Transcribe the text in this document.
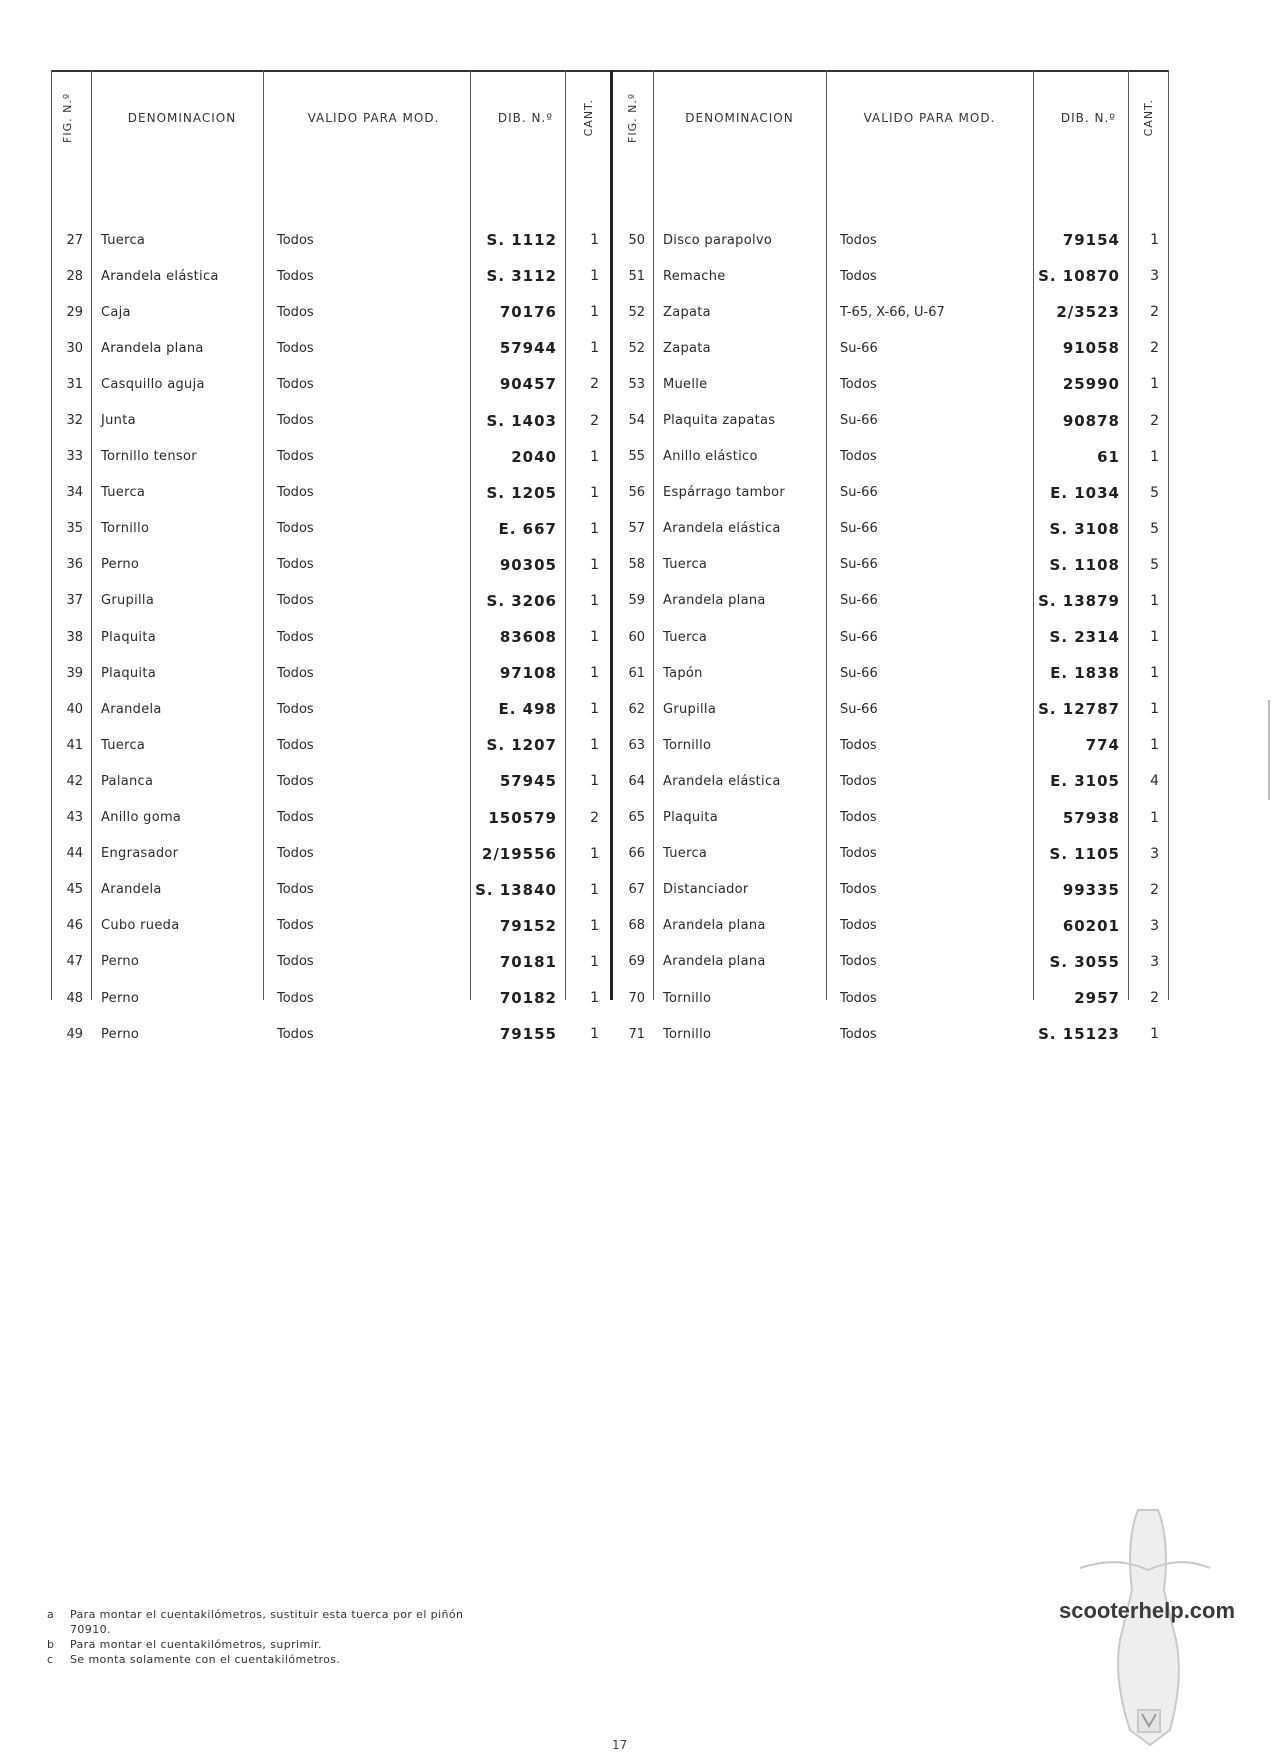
FIG. N.º	DENOMINACION	VALIDO PARA MOD.	DIB. N.º	CANT.	FIG. N.º	DENOMINACION	VALIDO PARA MOD.	DIB. N.º	CANT.
27	Tuerca	Todos	S. 1112	1	50	Disco parapolvo	Todos	79154	1
28	Arandela elástica	Todos	S. 3112	1	51	Remache	Todos	S. 10870	3
29	Caja	Todos	70176	1	52	Zapata	T-65, X-66, U-67	2/3523	2
30	Arandela plana	Todos	57944	1	52	Zapata	Su-66	91058	2
31	Casquillo aguja	Todos	90457	2	53	Muelle	Todos	25990	1
32	Junta	Todos	S. 1403	2	54	Plaquita zapatas	Su-66	90878	2
33	Tornillo tensor	Todos	2040	1	55	Anillo elástico	Todos	61	1
34	Tuerca	Todos	S. 1205	1	56	Espárrago tambor	Su-66	E. 1034	5
35	Tornillo	Todos	E. 667	1	57	Arandela elástica	Su-66	S. 3108	5
36	Perno	Todos	90305	1	58	Tuerca	Su-66	S. 1108	5
37	Grupilla	Todos	S. 3206	1	59	Arandela plana	Su-66	S. 13879	1
38	Plaquita	Todos	83608	1	60	Tuerca	Su-66	S. 2314	1
39	Plaquita	Todos	97108	1	61	Tapón	Su-66	E. 1838	1
40	Arandela	Todos	E. 498	1	62	Grupilla	Su-66	S. 12787	1
41	Tuerca	Todos	S. 1207	1	63	Tornillo	Todos	774	1
42	Palanca	Todos	57945	1	64	Arandela elástica	Todos	E. 3105	4
43	Anillo goma	Todos	150579	2	65	Plaquita	Todos	57938	1
44	Engrasador	Todos	2/19556	1	66	Tuerca	Todos	S. 1105	3
45	Arandela	Todos	S. 13840	1	67	Distanciador	Todos	99335	2
46	Cubo rueda	Todos	79152	1	68	Arandela plana	Todos	60201	3
47	Perno	Todos	70181	1	69	Arandela plana	Todos	S. 3055	3
48	Perno	Todos	70182	1	70	Tornillo	Todos	2957	2
49	Perno	Todos	79155	1	71	Tornillo	Todos	S. 15123	1
a	Para montar el cuentakilómetros, sustituir esta tuerca por el piñón
70910.
b	Para montar el cuentakilómetros, suprimir.
c	Se monta solamente con el cuentakilómetros.
scooterhelp.com
17
